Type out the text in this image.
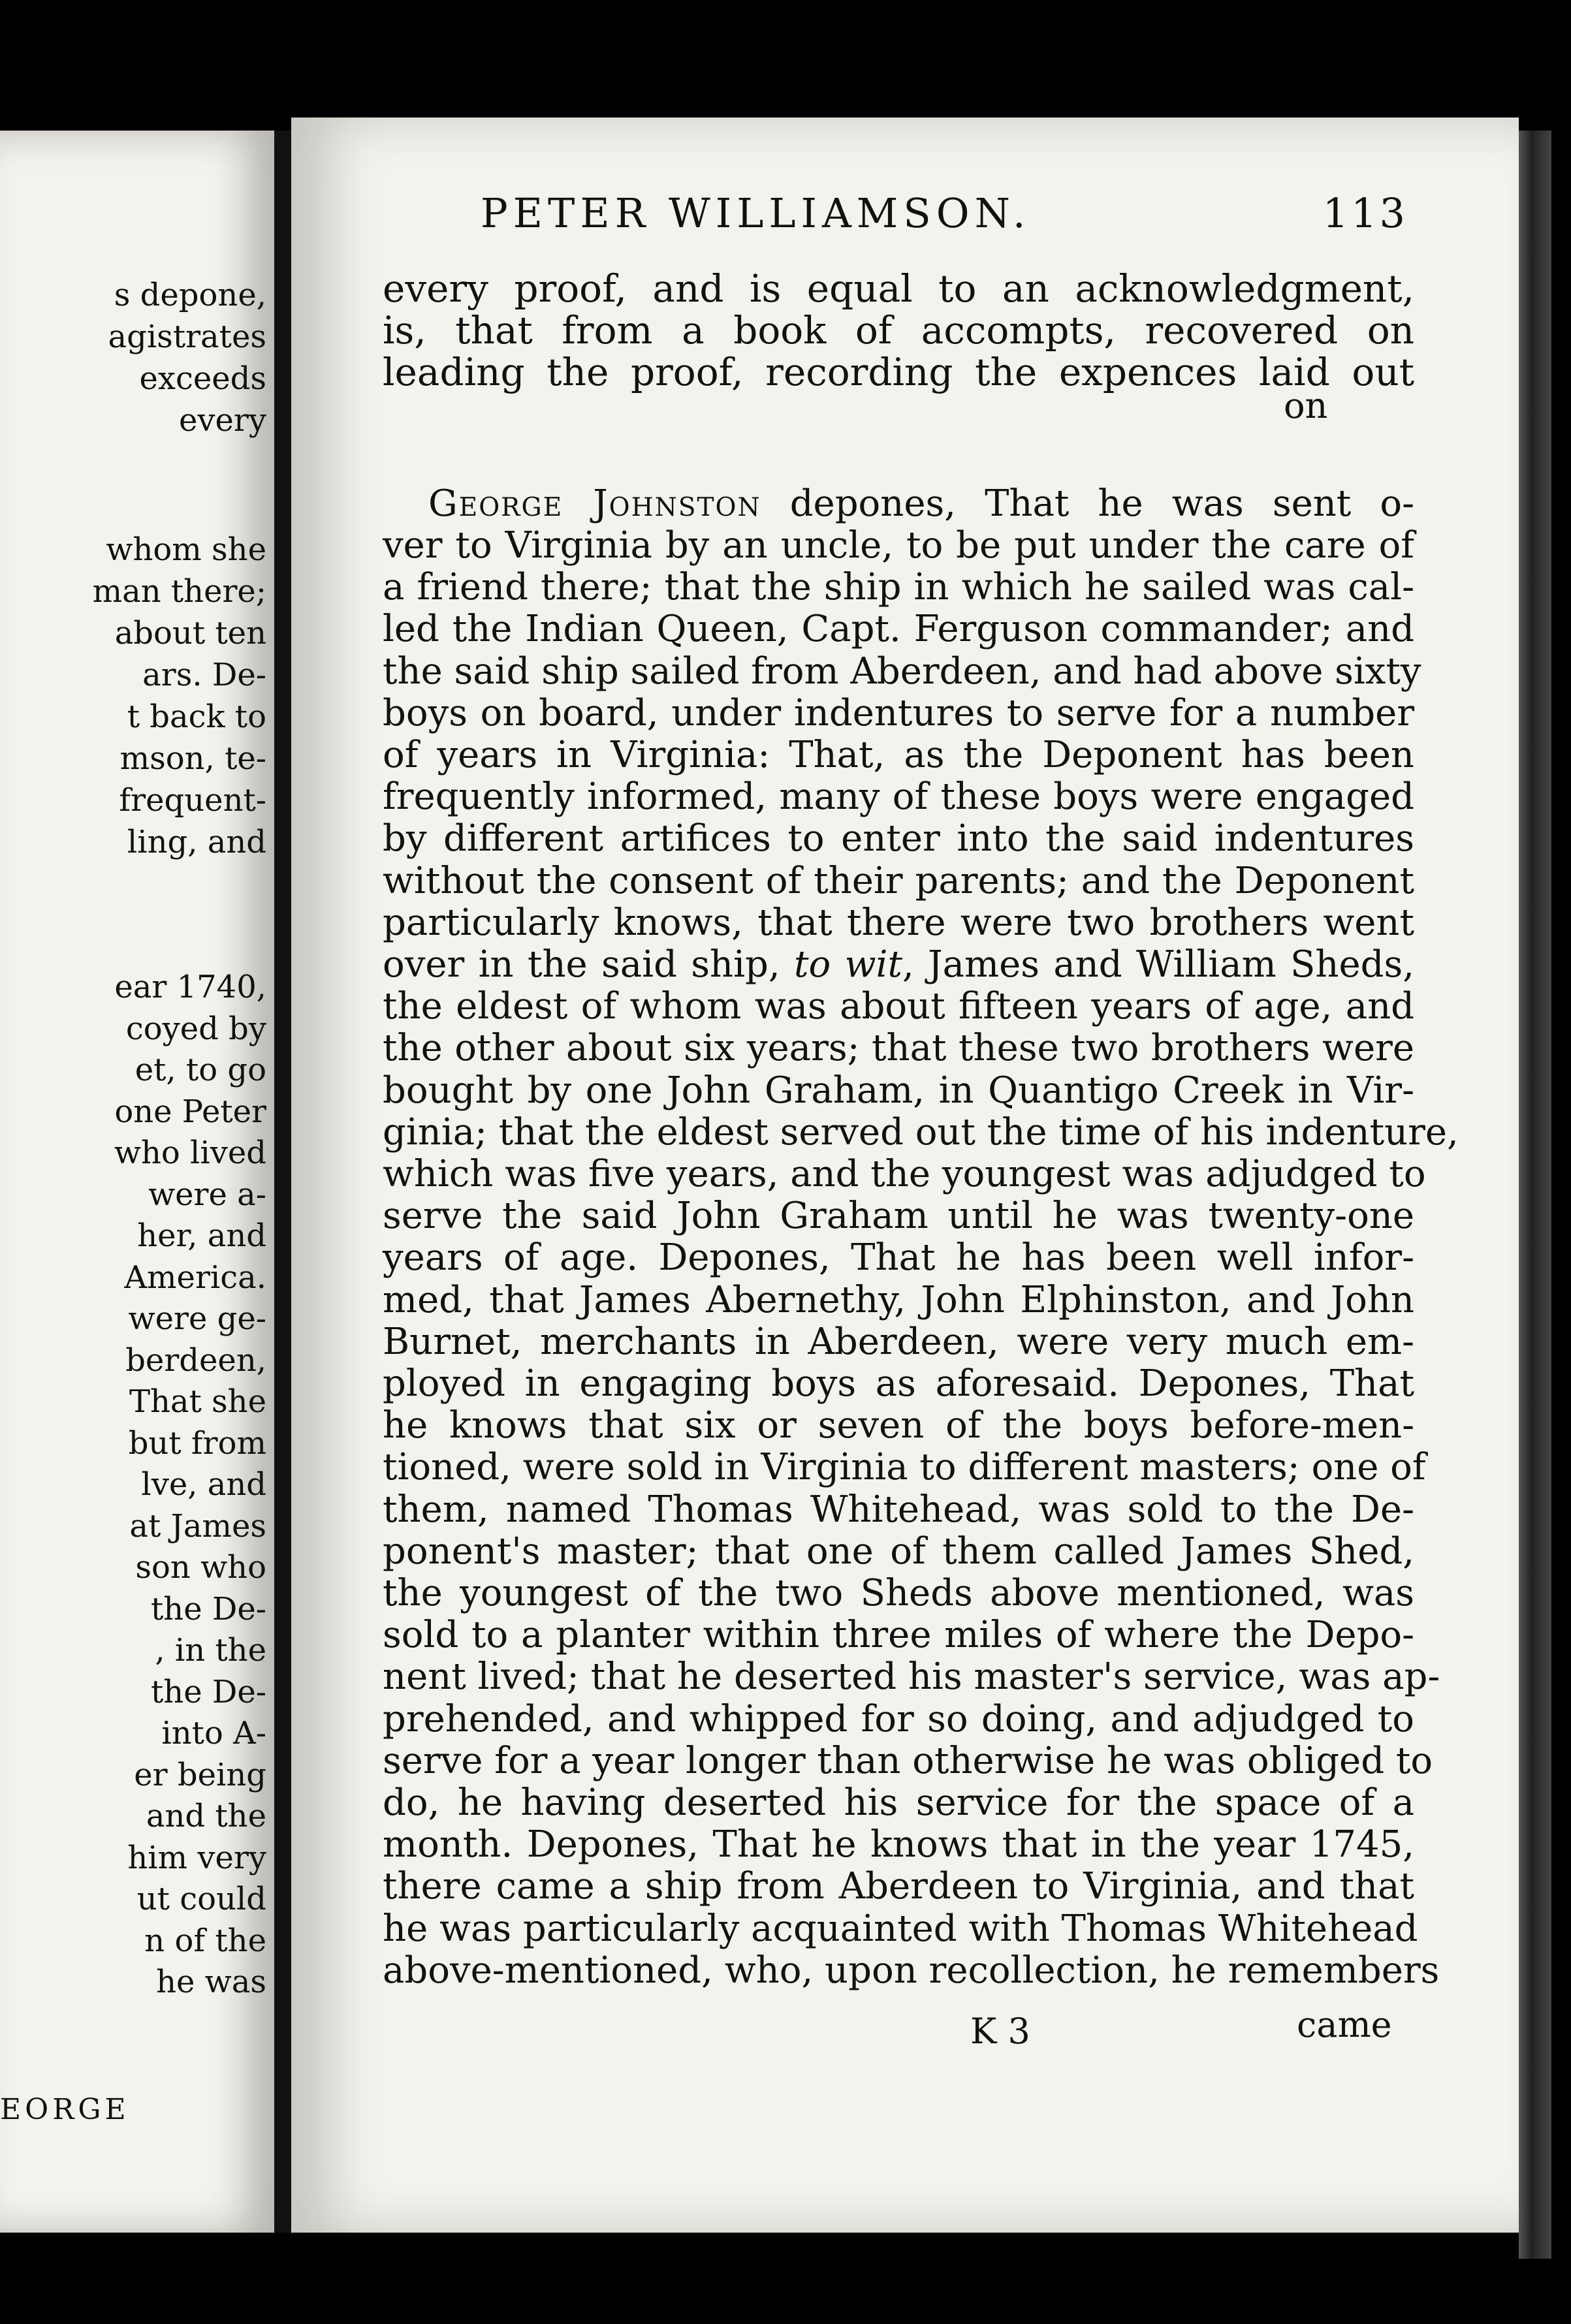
s depone,
agistrates
exceeds
every
whom she
man there;
about ten
ars. De-
t back to
mson, te-
frequent-
ling, and
ear 1740,
coyed by
et, to go
one Peter
who lived
were a-
her, and
America.
were ge-
berdeen,
That she
but from
lve, and
at James
son who
the De-
, in the
the De-
into A-
er being
and the
him very
ut could
n of the
he was
EORGE
PETER WILLIAMSON.	113
every proof, and is equal to an acknowledgment,
is, that from a book of accompts, recovered on
leading the proof, recording the expences laid out
on
George Johnston depones, That he was sent o-
ver to Virginia by an uncle, to be put under the care of
a friend there; that the ship in which he sailed was cal-
led the Indian Queen, Capt. Ferguson commander; and
the said ship sailed from Aberdeen, and had above sixty
boys on board, under indentures to serve for a number
of years in Virginia: That, as the Deponent has been
frequently informed, many of these boys were engaged
by different artifices to enter into the said indentures
without the consent of their parents; and the Deponent
particularly knows, that there were two brothers went
over in the said ship, to wit, James and William Sheds,
the eldest of whom was about fifteen years of age, and
the other about six years; that these two brothers were
bought by one John Graham, in Quantigo Creek in Vir-
ginia; that the eldest served out the time of his indenture,
which was five years, and the youngest was adjudged to
serve the said John Graham until he was twenty-one
years of age. Depones, That he has been well infor-
med, that James Abernethy, John Elphinston, and John
Burnet, merchants in Aberdeen, were very much em-
ployed in engaging boys as aforesaid. Depones, That
he knows that six or seven of the boys before-men-
tioned, were sold in Virginia to different masters; one of
them, named Thomas Whitehead, was sold to the De-
ponent's master; that one of them called James Shed,
the youngest of the two Sheds above mentioned, was
sold to a planter within three miles of where the Depo-
nent lived; that he deserted his master's service, was ap-
prehended, and whipped for so doing, and adjudged to
serve for a year longer than otherwise he was obliged to
do, he having deserted his service for the space of a
month. Depones, That he knows that in the year 1745,
there came a ship from Aberdeen to Virginia, and that
he was particularly acquainted with Thomas Whitehead
above-mentioned, who, upon recollection, he remembers
K 3	came
